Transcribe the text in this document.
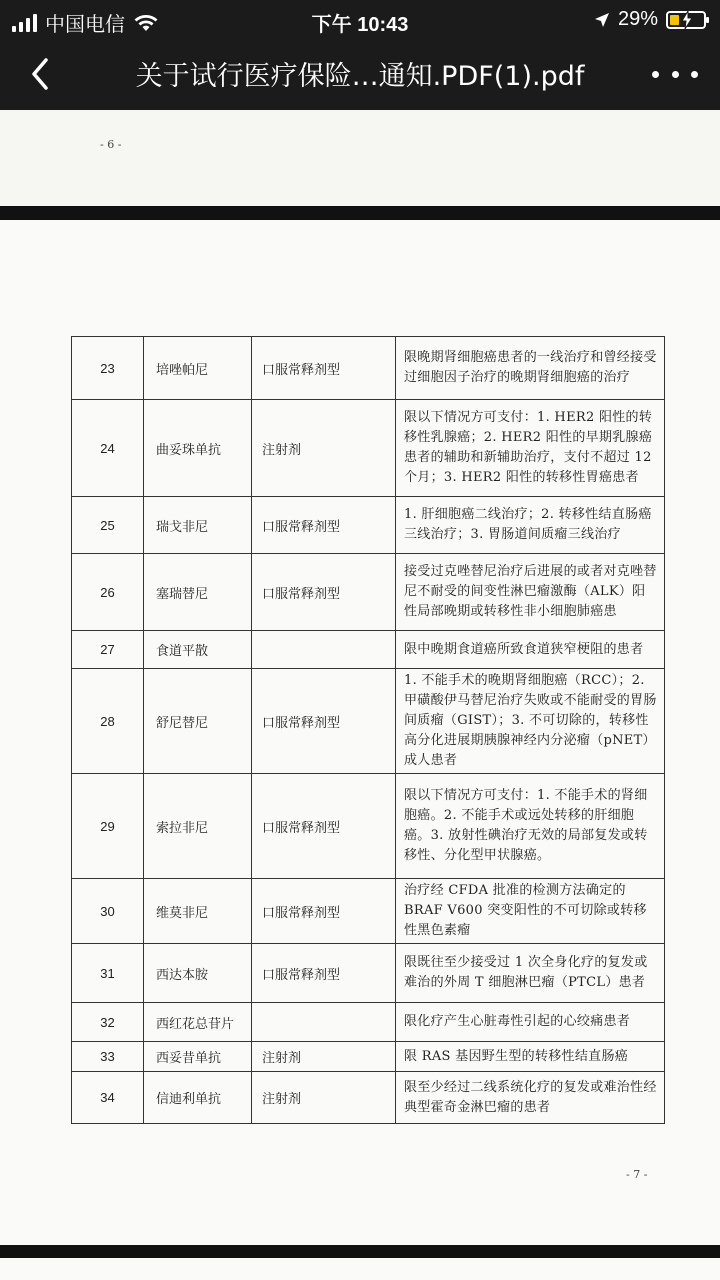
中国电信	下午 10:43	29%
关于试行医疗保险…通知.PDF(1).pdf
- 6 -
23	培唑帕尼	口服常释剂型	限晚期肾细胞癌患者的一线治疗和曾经接受过细胞因子治疗的晚期肾细胞癌的治疗
24	曲妥珠单抗	注射剂	限以下情况方可支付：1. HER2 阳性的转移性乳腺癌；2. HER2 阳性的早期乳腺癌患者的辅助和新辅助治疗，支付不超过 12 个月；3. HER2 阳性的转移性胃癌患者
25	瑞戈非尼	口服常释剂型	1. 肝细胞癌二线治疗；2. 转移性结直肠癌三线治疗；3. 胃肠道间质瘤三线治疗
26	塞瑞替尼	口服常释剂型	接受过克唑替尼治疗后进展的或者对克唑替尼不耐受的间变性淋巴瘤激酶（ALK）阳性局部晚期或转移性非小细胞肺癌患
27	食道平散		限中晚期食道癌所致食道狭窄梗阻的患者
28	舒尼替尼	口服常释剂型	1. 不能手术的晚期肾细胞癌（RCC）；2. 甲磺酸伊马替尼治疗失败或不能耐受的胃肠间质瘤（GIST）；3. 不可切除的，转移性高分化进展期胰腺神经内分泌瘤（pNET）成人患者
29	索拉非尼	口服常释剂型	限以下情况方可支付：1. 不能手术的肾细胞癌。2. 不能手术或远处转移的肝细胞癌。3. 放射性碘治疗无效的局部复发或转移性、分化型甲状腺癌。
30	维莫非尼	口服常释剂型	治疗经 CFDA 批准的检测方法确定的 BRAF V600 突变阳性的不可切除或转移性黑色素瘤
31	西达本胺	口服常释剂型	限既往至少接受过 1 次全身化疗的复发或难治的外周 T 细胞淋巴瘤（PTCL）患者
32	西红花总苷片		限化疗产生心脏毒性引起的心绞痛患者
33	西妥昔单抗	注射剂	限 RAS 基因野生型的转移性结直肠癌
34	信迪利单抗	注射剂	限至少经过二线系统化疗的复发或难治性经典型霍奇金淋巴瘤的患者
- 7 -
